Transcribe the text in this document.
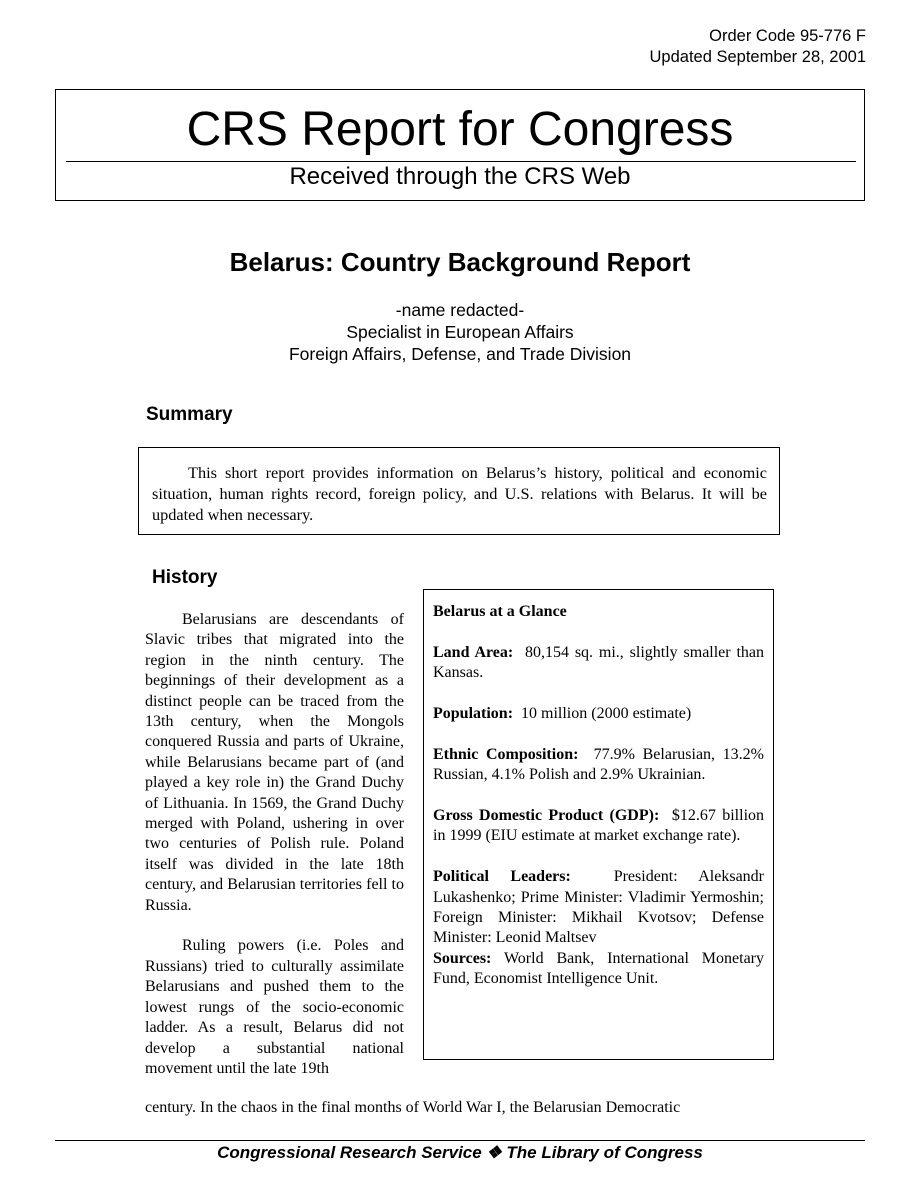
Order Code 95-776 F
Updated September 28, 2001
CRS Report for Congress
Received through the CRS Web
Belarus: Country Background Report
-name redacted-
Specialist in European Affairs
Foreign Affairs, Defense, and Trade Division
Summary

This short report provides information on Belarus’s history, political and economic situation, human rights record, foreign policy, and U.S. relations with Belarus. It will be updated when necessary.

History

Belarusians are descendants of Slavic tribes that migrated into the region in the ninth century. The beginnings of their development as a distinct people can be traced from the 13th century, when the Mongols conquered Russia and parts of Ukraine, while Belarusians became part of (and played a key role in) the Grand Duchy of Lithuania. In 1569, the Grand Duchy merged with Poland, ushering in over two centuries of Polish rule. Poland itself was divided in the late 18th century, and Belarusian territories fell to Russia.

Ruling powers (i.e. Poles and Russians) tried to culturally assimilate Belarusians and pushed them to the lowest rungs of the socio-economic ladder. As a result, Belarus did not develop a substantial national movement until the late 19th

Belarus at a Glance

Land Area: 80,154 sq. mi., slightly smaller than Kansas.

Population: 10 million (2000 estimate)

Ethnic Composition: 77.9% Belarusian, 13.2% Russian, 4.1% Polish and 2.9% Ukrainian.

Gross Domestic Product (GDP): $12.67 billion in 1999 (EIU estimate at market exchange rate).

Political Leaders:	President: Aleksandr Lukashenko; Prime Minister: Vladimir Yermoshin; Foreign Minister: Mikhail Kvotsov; Defense Minister: Leonid Maltsev

Sources: World Bank, International Monetary Fund, Economist Intelligence Unit.

century. In the chaos in the final months of World War I, the Belarusian Democratic
Congressional Research Service ❖ The Library of Congress
